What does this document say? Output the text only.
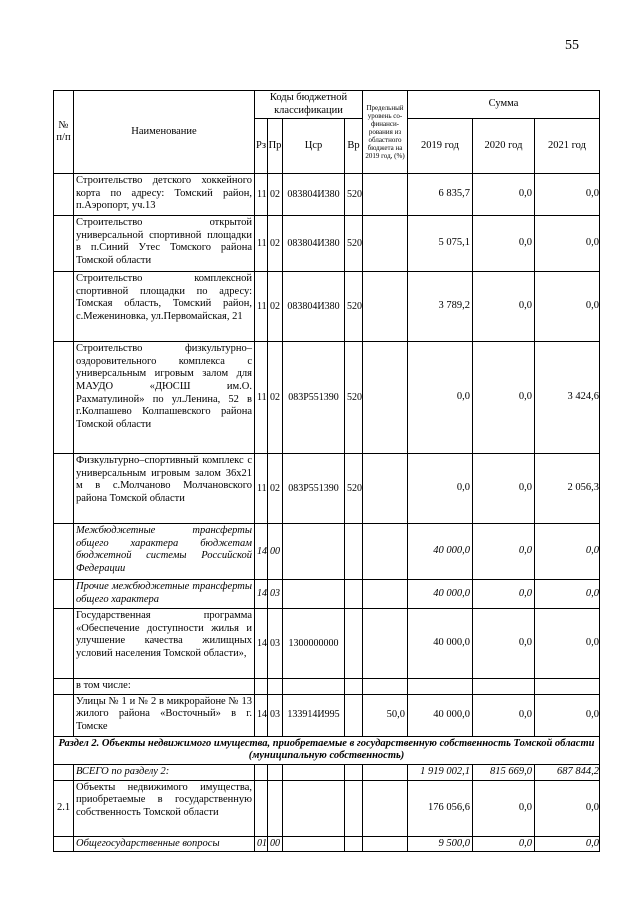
55
№ п/п	Наименование	Коды бюджетной классификации				Предельный уровень со-финанси-рования из областного бюджета на 2019 год, (%)	Сумма		
		Рз	Пр	Цср	Вр		2019 год	2020 год	2021 год
	Строительство детского хоккейного корта по адресу: Томский район, п.Аэропорт, уч.13	11	02	083804И380	520		6 835,7	0,0	0,0
	Строительство открытой универсальной спортивной площадки в п.Синий Утес Томского района Томской области	11	02	083804И380	520		5 075,1	0,0	0,0
	Строительство комплексной спортивной площадки по адресу: Томская область, Томский район, с.Межениновка, ул.Первомайская, 21	11	02	083804И380	520		3 789,2	0,0	0,0
	Строительство физкультурно–оздоровительного комплекса с универсальным игровым залом для МАУДО «ДЮСШ им.О. Рахматулиной» по ул.Ленина, 52 в г.Колпашево Колпашевского района Томской области	11	02	083P551390	520		0,0	0,0	3 424,6
	Физкультурно–спортивный комплекс с универсальным игровым залом 36х21 м в с.Молчаново Молчановского района Томской области	11	02	083P551390	520		0,0	0,0	2 056,3
	Межбюджетные трансферты общего характера бюджетам бюджетной системы Российской Федерации	14	00				40 000,0	0,0	0,0
	Прочие межбюджетные трансферты общего характера	14	03				40 000,0	0,0	0,0
	Государственная программа «Обеспечение доступности жилья и улучшение качества жилищных условий населения Томской области»,	14	03	1300000000			40 000,0	0,0	0,0
	в том числе:								
	Улицы № 1 и № 2 в микрорайоне № 13 жилого района «Восточный» в г. Томске	14	03	133914И995		50,0	40 000,0	0,0	0,0
Раздел 2. Объекты недвижимого имущества, приобретаемые в государственную собственность Томской области (муниципальную собственность)									
	ВСЕГО по разделу 2:						1 919 002,1	815 669,0	687 844,2
2.1	Объекты недвижимого имущества, приобретаемые в государственную собственность Томской области						176 056,6	0,0	0,0
	Общегосударственные вопросы	01	00				9 500,0	0,0	0,0
